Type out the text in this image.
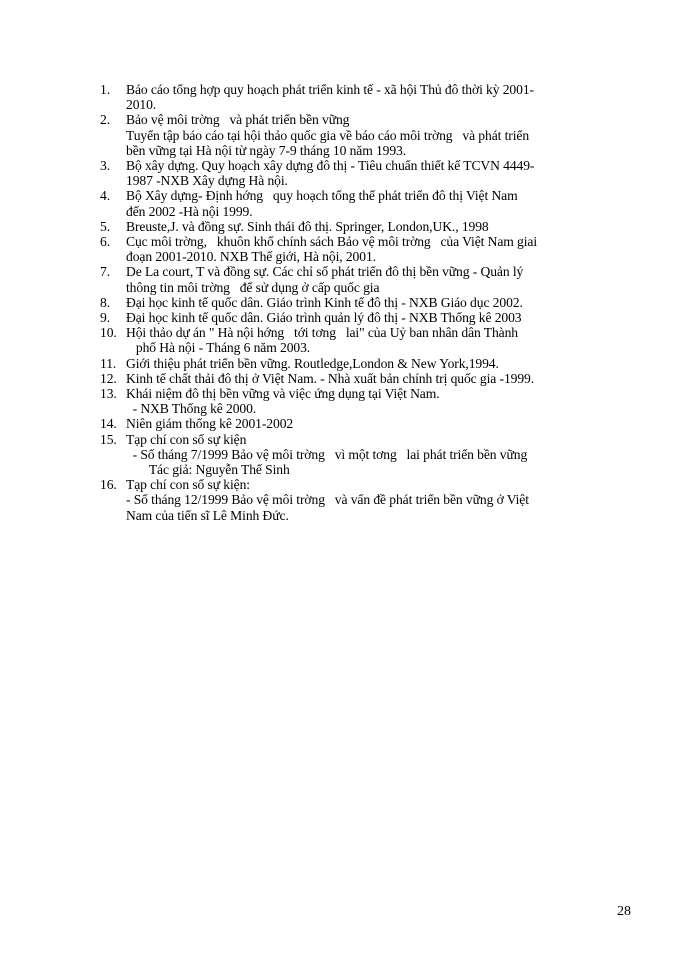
1. Báo cáo tổng hợp quy hoạch phát triển kinh tế - xã hội Thủ đô thời kỳ 2001-
2010.
2. Bảo vệ môi trờng   và phát triển bền vững
Tuyển tập báo cáo tại hội thảo quốc gia về báo cáo môi trờng   và phát triển
bền vững tại Hà nội từ ngày 7-9 tháng 10 năm 1993.
3. Bộ xây dựng. Quy hoạch xây dựng đô thị - Tiêu chuẩn thiết kế TCVN 4449-
1987 -NXB Xây dựng Hà nội.
4. Bộ Xây dựng- Định hớng   quy hoạch tổng thể phát triển đô thị Việt Nam
đến 2002 -Hà nội 1999.
5. Breuste,J. và đồng sự. Sinh thái đô thị. Springer, London,UK., 1998
6. Cục môi trờng,   khuôn khổ chính sách Bảo vệ môi trờng   của Việt Nam giai
đoạn 2001-2010. NXB Thế giới, Hà nội, 2001.
7. De La court, T và đồng sự. Các chỉ số phát triển đô thị bền vững - Quản lý
thông tin môi trờng   để sử dụng ở cấp quốc gia
8. Đại học kinh tế quốc dân. Giáo trình Kinh tế đô thị - NXB Giáo dục 2002.
9. Đại học kinh tế quốc dân. Giáo trình quản lý đô thị - NXB Thống kê 2003
10. Hội thảo dự án " Hà nội hớng   tới tơng   lai" của Uỷ ban nhân dân Thành
phố Hà nội - Tháng 6 năm 2003.
11. Giới thiệu phát triển bền vững. Routledge,London & New York,1994.
12. Kinh tế chất thải đô thị ở Việt Nam. - Nhà xuất bản chính trị quốc gia -1999.
13. Khái niệm đô thị bền vững và việc ứng dụng tại Việt Nam.
- NXB Thống kê 2000.
14. Niên giám thống kê 2001-2002
15. Tạp chí con số sự kiện
- Số tháng 7/1999 Bảo vệ môi trờng   vì một tơng   lai phát triển bền vững
Tác giả: Nguyễn Thế Sinh
16. Tạp chí con số sự kiện:
- Số tháng 12/1999 Bảo vệ môi trờng   và vấn đề phát triển bền vững ở Việt
Nam của tiến sĩ Lê Minh Đức.
28
